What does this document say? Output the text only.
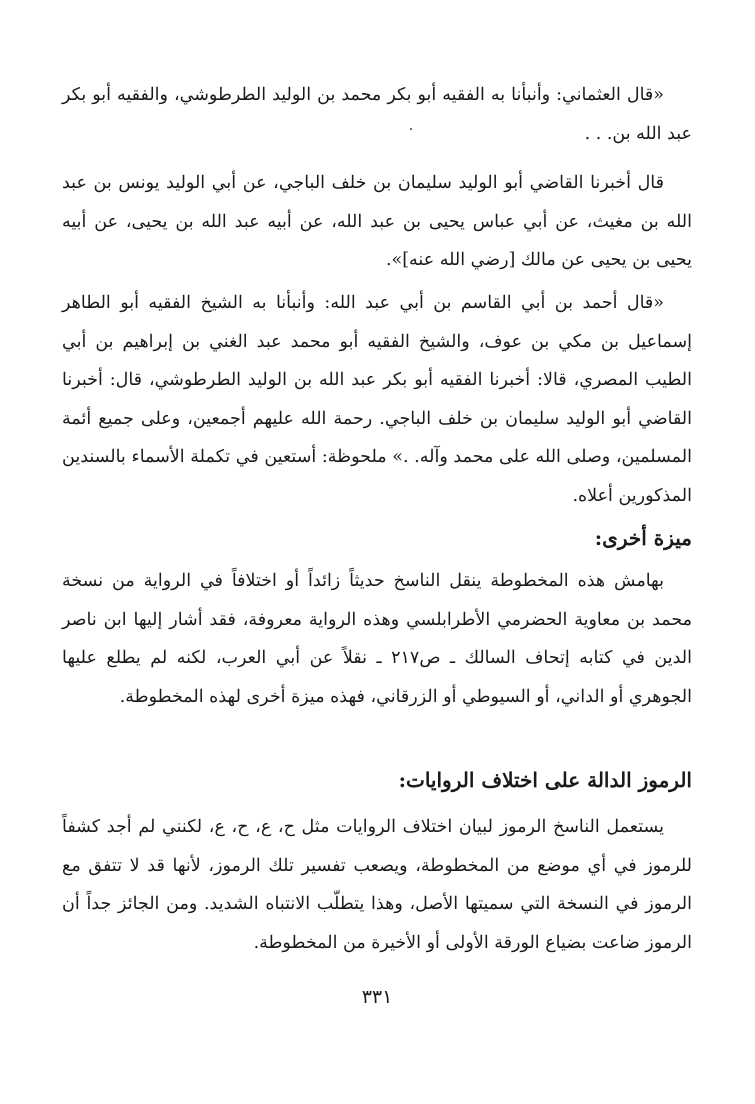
«قال العثماني: وأنبأنا به الفقيه أبو بكر محمد بن الوليد الطرطوشي، والفقيه أبو بكر عبد الله بن. . .
قال أخبرنا القاضي أبو الوليد سليمان بن خلف الباجي، عن أبي الوليد يونس بن عبد الله بن مغيث، عن أبي عباس يحيى بن عبد الله، عن أبيه عبد الله بن يحيى، عن أبيه يحيى بن يحيى عن مالك [رضي الله عنه]».
«قال أحمد بن أبي القاسم بن أبي عبد الله: وأنبأنا به الشيخ الفقيه أبو الطاهر إسماعيل بن مكي بن عوف، والشيخ الفقيه أبو محمد عبد الغني بن إبراهيم بن أبي الطيب المصري، قالا: أخبرنا الفقيه أبو بكر عبد الله بن الوليد الطرطوشي، قال: أخبرنا القاضي أبو الوليد سليمان بن خلف الباجي. رحمة الله عليهم أجمعين، وعلى جميع أئمة المسلمين، وصلى الله على محمد وآله. .» ملحوظة: أستعين في تكملة الأسماء بالسندين المذكورين أعلاه.
ميزة أخرى:
بهامش هذه المخطوطة ينقل الناسخ حديثاً زائداً أو اختلافاً في الرواية من نسخة محمد بن معاوية الحضرمي الأطرابلسي وهذه الرواية معروفة، فقد أشار إليها ابن ناصر الدين في كتابه إتحاف السالك ـ ص٢١٧ ـ نقلاً عن أبي العرب، لكنه لم يطلع عليها الجوهري أو الداني، أو السيوطي أو الزرقاني، فهذه ميزة أخرى لهذه المخطوطة.
الرموز الدالة على اختلاف الروايات:
يستعمل الناسخ الرموز لبيان اختلاف الروايات مثل ح، ع، ح، ع، لكنني لم أجد كشفاً للرموز في أي موضع من المخطوطة، ويصعب تفسير تلك الرموز، لأنها قد لا تتفق مع الرموز في النسخة التي سميتها الأصل، وهذا يتطلّب الانتباه الشديد. ومن الجائز جداً أن الرموز ضاعت بضياع الورقة الأولى أو الأخيرة من المخطوطة.
٣٣١
